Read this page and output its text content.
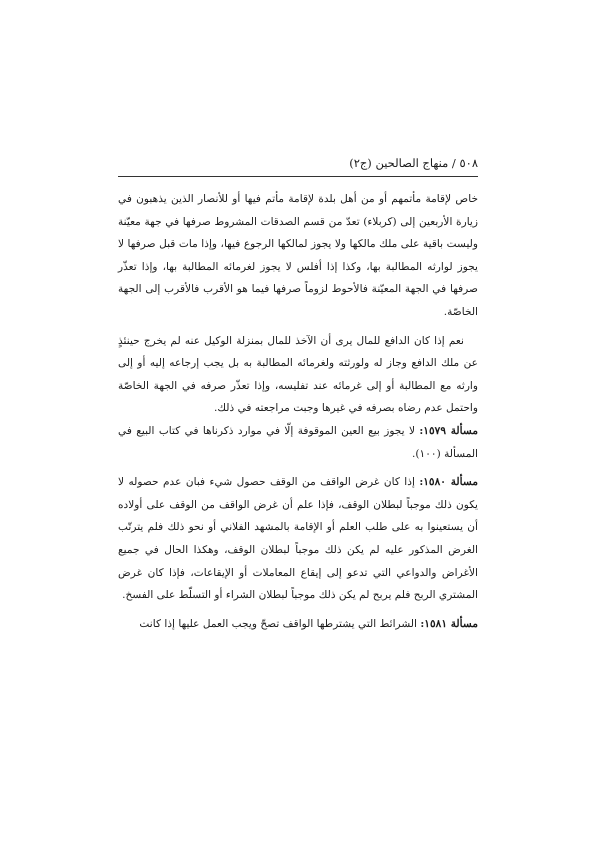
٥٠٨ / منهاج الصالحين (ج٢)

خاص لإقامة مأتمهم أو من أهل بلدة لإقامة مأتم فيها أو للأنصار الذين يذهبون في زيارة الأربعين إلى (كربلاء) تعدّ من قسم الصدقات المشروط صرفها في جهة معيّنة وليست باقية على ملك مالكها ولا يجوز لمالكها الرجوع فيها، وإذا مات قبل صرفها لا يجوز لوارثه المطالبة بها، وكذا إذا أفلس لا يجوز لغرمائه المطالبة بها، وإذا تعذّر صرفها في الجهة المعيّنة فالأحوط لزوماً صرفها فيما هو الأقرب فالأقرب إلى الجهة الخاصّة.

نعم إذا كان الدافع للمال يرى أن الآخذ للمال بمنزلة الوكيل عنه لم يخرج حينئذٍ عن ملك الدافع وجاز له ولورثته ولغرمائه المطالبة به بل يجب إرجاعه إليه أو إلى وارثه مع المطالبة أو إلى غرمائه عند تفليسه، وإذا تعذّر صرفه في الجهة الخاصّة واحتمل عدم رضاه بصرفه في غيرها وجبت مراجعته في ذلك.

مسألة ١٥٧٩: لا يجوز بيع العين الموقوفة إلّا في موارد ذكرناها في كتاب البيع في المسألة (١٠٠).

مسألة ١٥٨٠: إذا كان غرض الواقف من الوقف حصول شيء فبان عدم حصوله لا يكون ذلك موجباً لبطلان الوقف، فإذا علم أن غرض الواقف من الوقف على أولاده أن يستعينوا به على طلب العلم أو الإقامة بالمشهد الفلاني أو نحو ذلك فلم يترتّب الغرض المذكور عليه لم يكن ذلك موجباً لبطلان الوقف، وهكذا الحال في جميع الأغراض والدواعي التي تدعو إلى إيقاع المعاملات أو الإيقاعات، فإذا كان غرض المشتري الربح فلم يربح لم يكن ذلك موجباً لبطلان الشراء أو التسلّط على الفسخ.

مسألة ١٥٨١: الشرائط التي يشترطها الواقف تصحّ ويجب العمل عليها إذا كانت
